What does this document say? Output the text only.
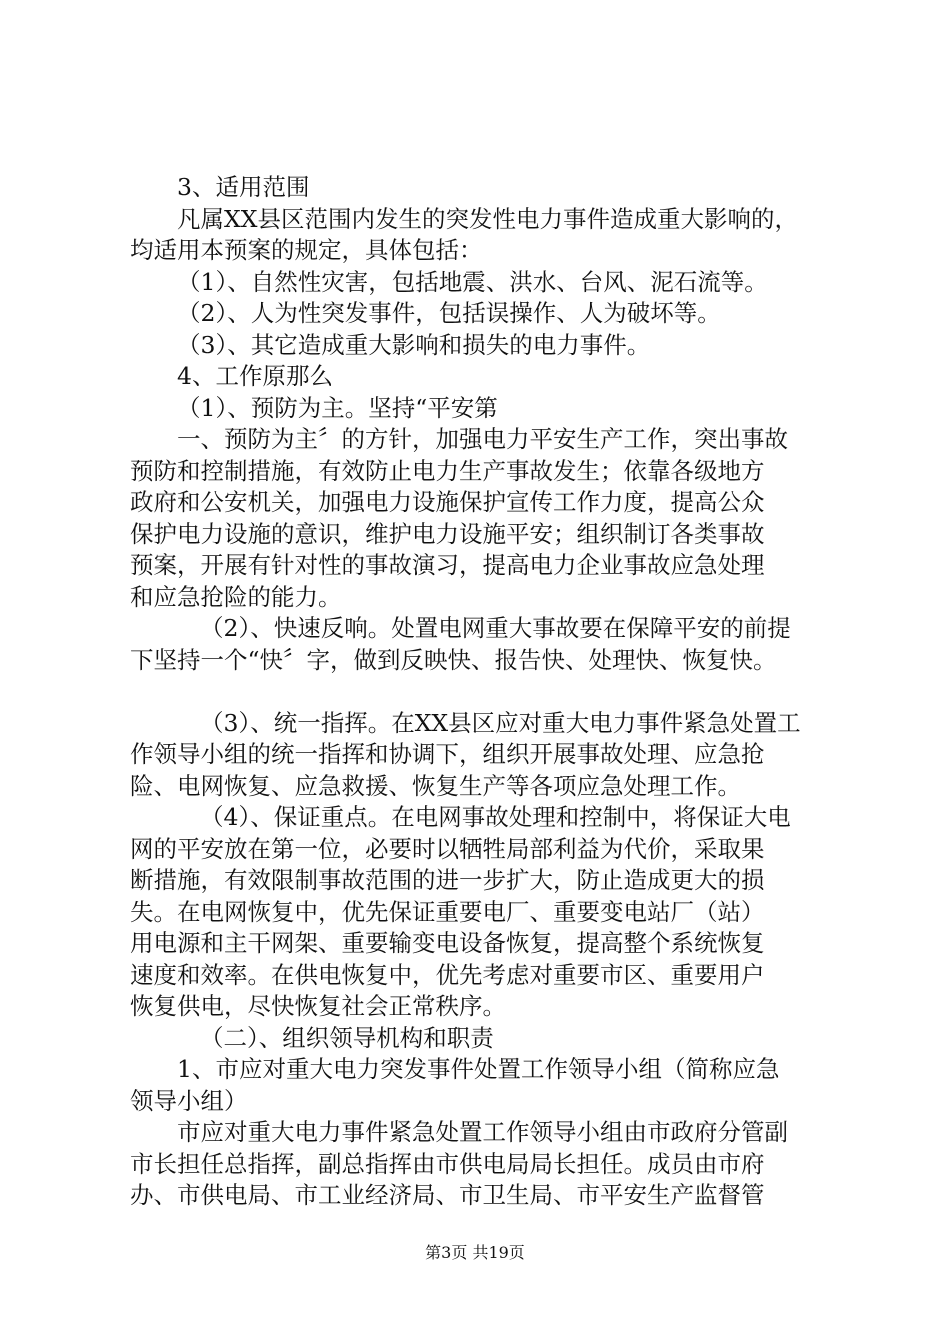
3、适用范围
凡属XX县区范围内发生的突发性电力事件造成重大影响的，
均适用本预案的规定，具体包括：
（1）、自然性灾害，包括地震、洪水、台风、泥石流等。
（2）、人为性突发事件，包括误操作、人为破坏等。
（3）、其它造成重大影响和损失的电力事件。
4、工作原那么
（1）、预防为主。坚持“平安第
一、预防为主〞的方针，加强电力平安生产工作，突出事故
预防和控制措施，有效防止电力生产事故发生；依靠各级地方
政府和公安机关，加强电力设施保护宣传工作力度，提高公众
保护电力设施的意识，维护电力设施平安；组织制订各类事故
预案，开展有针对性的事故演习，提高电力企业事故应急处理
和应急抢险的能力。
（2）、快速反响。处置电网重大事故要在保障平安的前提
下坚持一个“快〞字，做到反映快、报告快、处理快、恢复快。
（3）、统一指挥。在XX县区应对重大电力事件紧急处置工
作领导小组的统一指挥和协调下，组织开展事故处理、应急抢
险、电网恢复、应急救援、恢复生产等各项应急处理工作。
（4）、保证重点。在电网事故处理和控制中，将保证大电
网的平安放在第一位，必要时以牺牲局部利益为代价，采取果
断措施，有效限制事故范围的进一步扩大，防止造成更大的损
失。在电网恢复中，优先保证重要电厂、重要变电站厂（站）
用电源和主干网架、重要输变电设备恢复，提高整个系统恢复
速度和效率。在供电恢复中，优先考虑对重要市区、重要用户
恢复供电，尽快恢复社会正常秩序。
（二）、组织领导机构和职责
1、市应对重大电力突发事件处置工作领导小组（简称应急
领导小组）
市应对重大电力事件紧急处置工作领导小组由市政府分管副
市长担任总指挥，副总指挥由市供电局局长担任。成员由市府
办、市供电局、市工业经济局、市卫生局、市平安生产监督管
第3页 共19页
